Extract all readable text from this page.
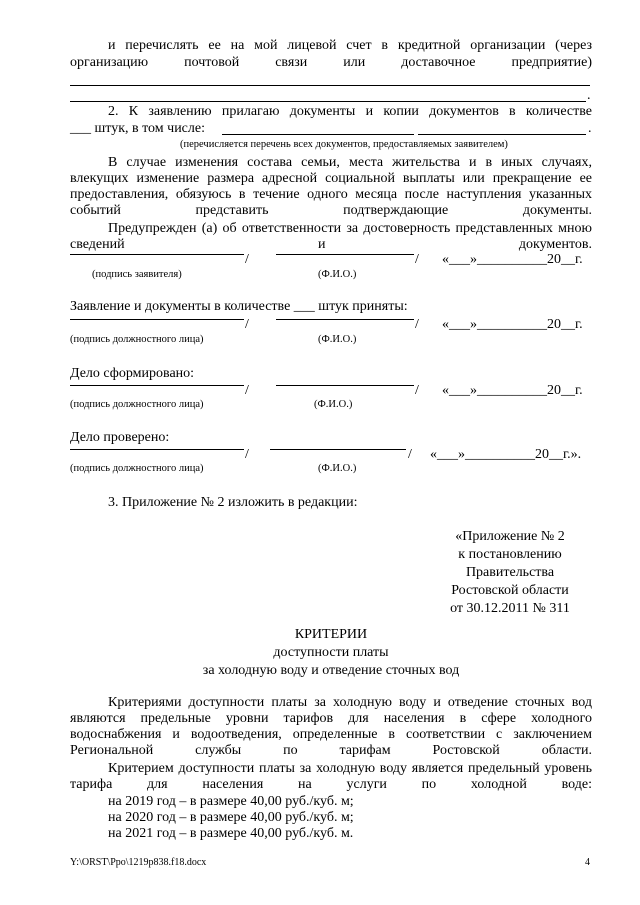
и перечислять ее на мой лицевой счет в кредитной организации (через
организацию почтовой связи или доставочное предприятие)
.
2. К заявлению прилагаю документы и копии документов в количестве
___ штук, в том числе:	.
(перечисляется перечень всех документов, предоставляемых заявителем)
В случае изменения состава семьи, места жительства и в иных случаях, влекущих изменение размера адресной социальной выплаты или прекращение ее предоставления, обязуюсь в течение одного месяца после наступления указанных событий представить подтверждающие документы.
Предупрежден (а) об ответственности за достоверность представленных мною сведений и документов.
/	/ «___»__________20__г.
(подпись заявителя)	(Ф.И.О.)
Заявление и документы в количестве ___ штук приняты:
/	/ «___»__________20__г.
(подпись должностного лица)	(Ф.И.О.)
Дело сформировано:
/	/ «___»__________20__г.
(подпись должностного лица)	(Ф.И.О.)
Дело проверено:
/	/ «___»__________20__г.».
(подпись должностного лица)	(Ф.И.О.)
3. Приложение № 2 изложить в редакции:
«Приложение № 2
к постановлению
Правительства
Ростовской области
от 30.12.2011 № 311
КРИТЕРИИ
доступности платы
за холодную воду и отведение сточных вод
Критериями доступности платы за холодную воду и отведение сточных вод являются предельные уровни тарифов для населения в сфере холодного водоснабжения и водоотведения, определенные в соответствии с заключением Региональной службы по тарифам Ростовской области.
Критерием доступности платы за холодную воду является предельный уровень тарифа для населения на услуги по холодной воде:
на 2019 год – в размере 40,00 руб./куб. м;
на 2020 год – в размере 40,00 руб./куб. м;
на 2021 год – в размере 40,00 руб./куб. м.
Y:\ORST\Ppo\1219p838.f18.docx	4
